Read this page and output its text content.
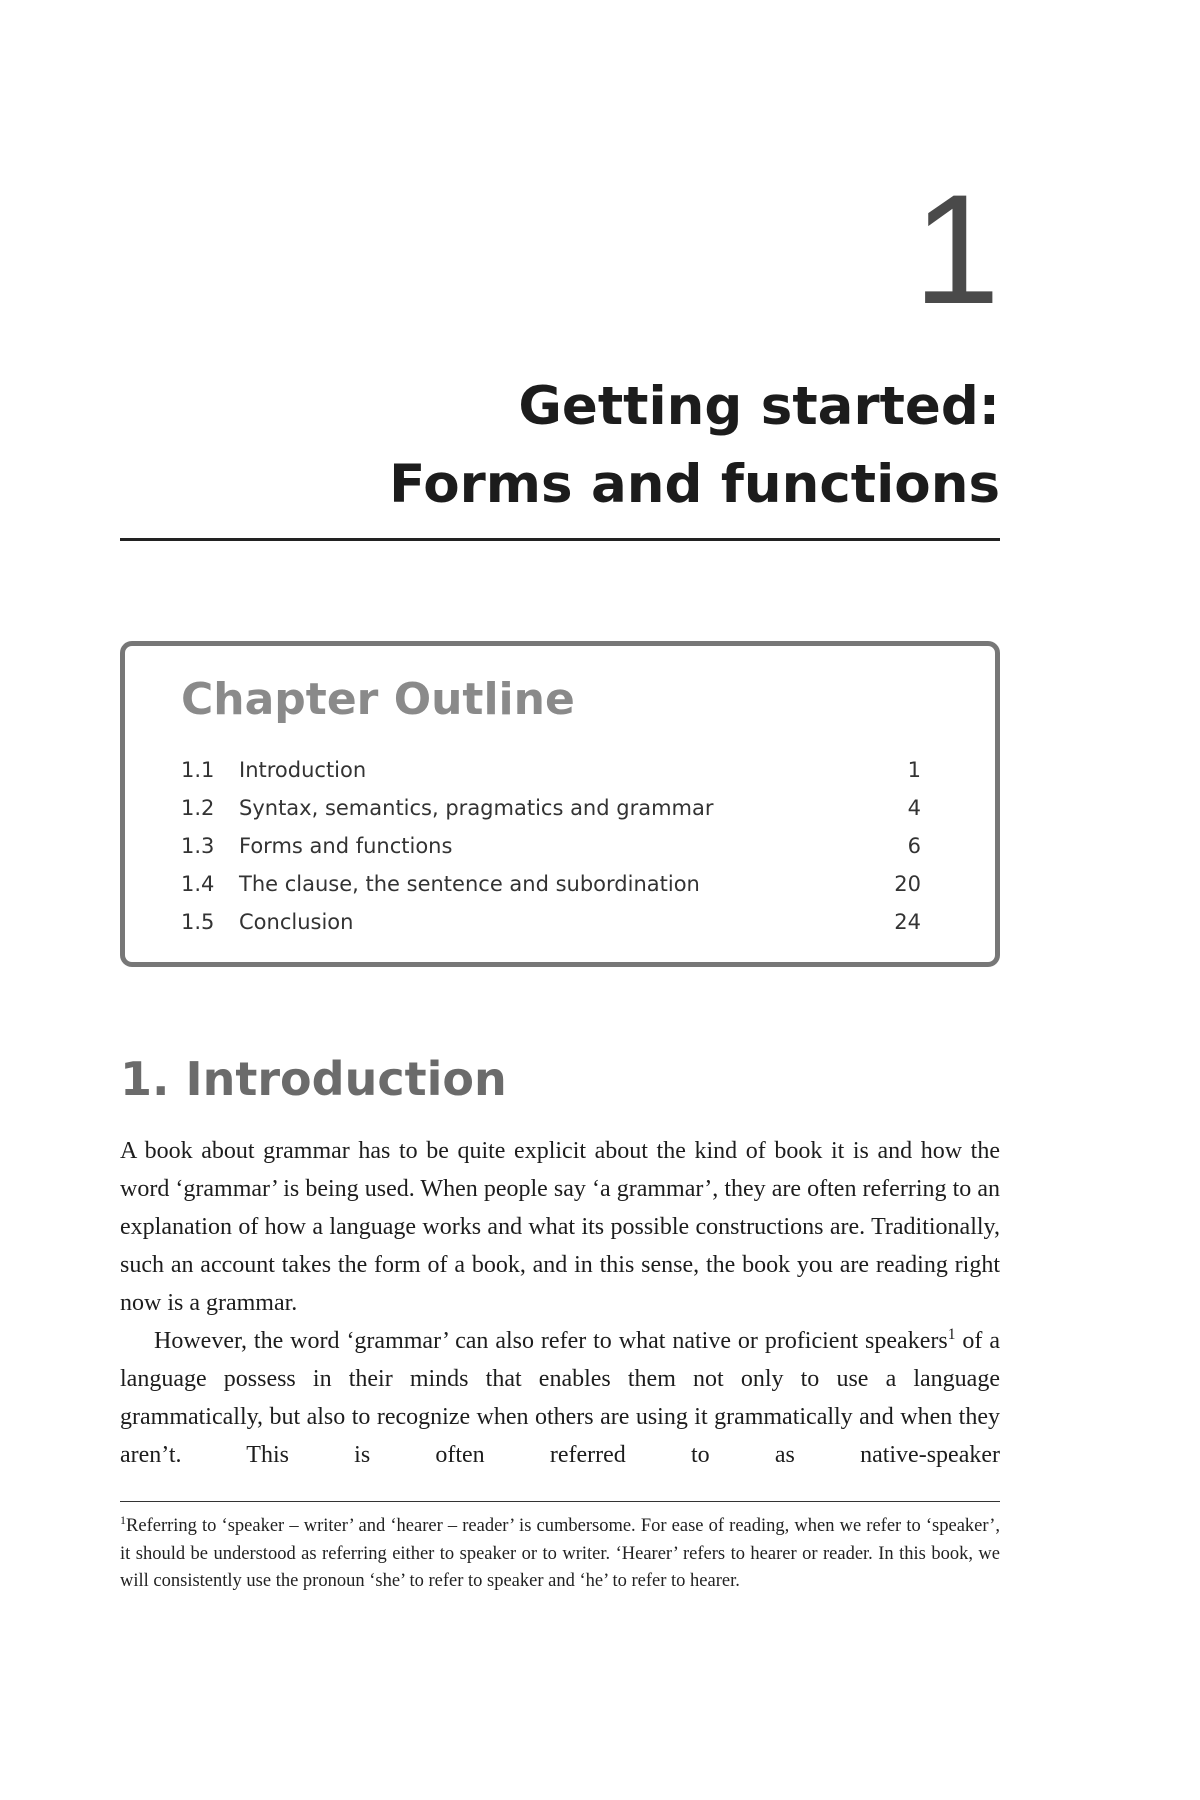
1
Getting started:
Forms and functions
Chapter Outline
1.1	Introduction	1
1.2	Syntax, semantics, pragmatics and grammar	4
1.3	Forms and functions	6
1.4	The clause, the sentence and subordination	20
1.5	Conclusion	24
1. Introduction

A book about grammar has to be quite explicit about the kind of book it is and how the word ‘grammar’ is being used. When people say ‘a grammar’, they are often referring to an explanation of how a language works and what its possible constructions are. Traditionally, such an account takes the form of a book, and in this sense, the book you are reading right now is a grammar.

However, the word ‘grammar’ can also refer to what native or proficient speakers$^1$ of a language possess in their minds that enables them not only to use a language grammatically, but also to recognize when others are using it grammatically and when they aren’t. This is often referred to as native-speaker

$^1$Referring to ‘speaker – writer’ and ‘hearer – reader’ is cumbersome. For ease of reading, when we refer to ‘speaker’, it should be understood as referring either to speaker or to writer. ‘Hearer’ refers to hearer or reader. In this book, we will consistently use the pronoun ‘she’ to refer to speaker and ‘he’ to refer to hearer.
